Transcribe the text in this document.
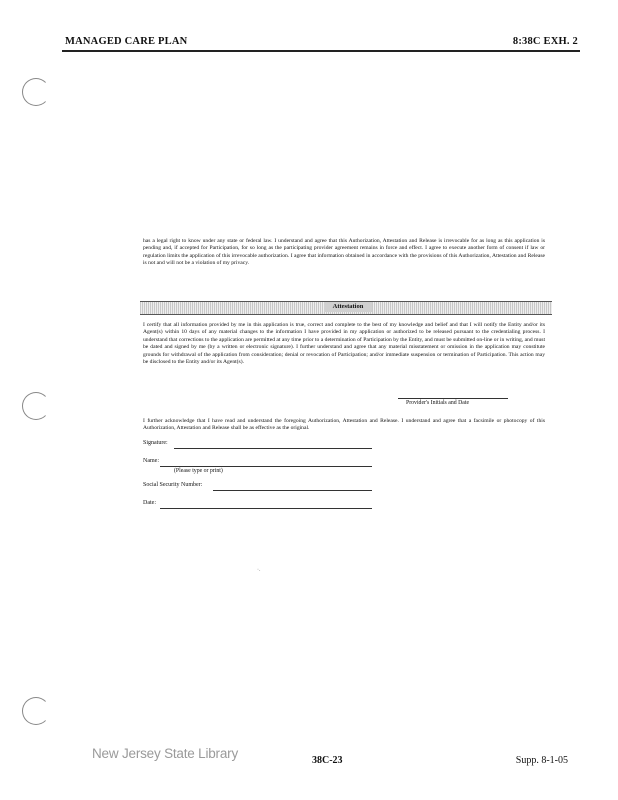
MANAGED CARE PLAN	8:38C EXH. 2

has a legal right to know under any state or federal law. I understand and agree that this Authorization, Attestation and Release is irrevocable for as long as this application is pending and, if accepted for Participation, for so long as the participating provider agreement remains in force and effect. I agree to execute another form of consent if law or regulation limits the application of this irrevocable authorization. I agree that information obtained in accordance with the provisions of this Authorization, Attestation and Release is not and will not be a violation of my privacy.

Attestation

I certify that all information provided by me in this application is true, correct and complete to the best of my knowledge and belief and that I will notify the Entity and/or its Agent(s) within 10 days of any material changes to the information I have provided in my application or authorized to be released pursuant to the credentialing process. I understand that corrections to the application are permitted at any time prior to a determination of Participation by the Entity, and must be submitted on-line or in writing, and must be dated and signed by me (by a written or electronic signature). I further understand and agree that any material misstatement or omission in the application may constitute grounds for withdrawal of the application from consideration; denial or revocation of Participation; and/or immediate suspension or termination of Participation. This action may be disclosed to the Entity and/or its Agent(s).

Provider's Initials and Date

I further acknowledge that I have read and understand the foregoing Authorization, Attestation and Release. I understand and agree that a facsimile or photocopy of this Authorization, Attestation and Release shall be as effective as the original.

Signature:
Name:
(Please type or print)
Social Security Number:
Date:
·.
New Jersey State Library	38C-23	Supp. 8-1-05
